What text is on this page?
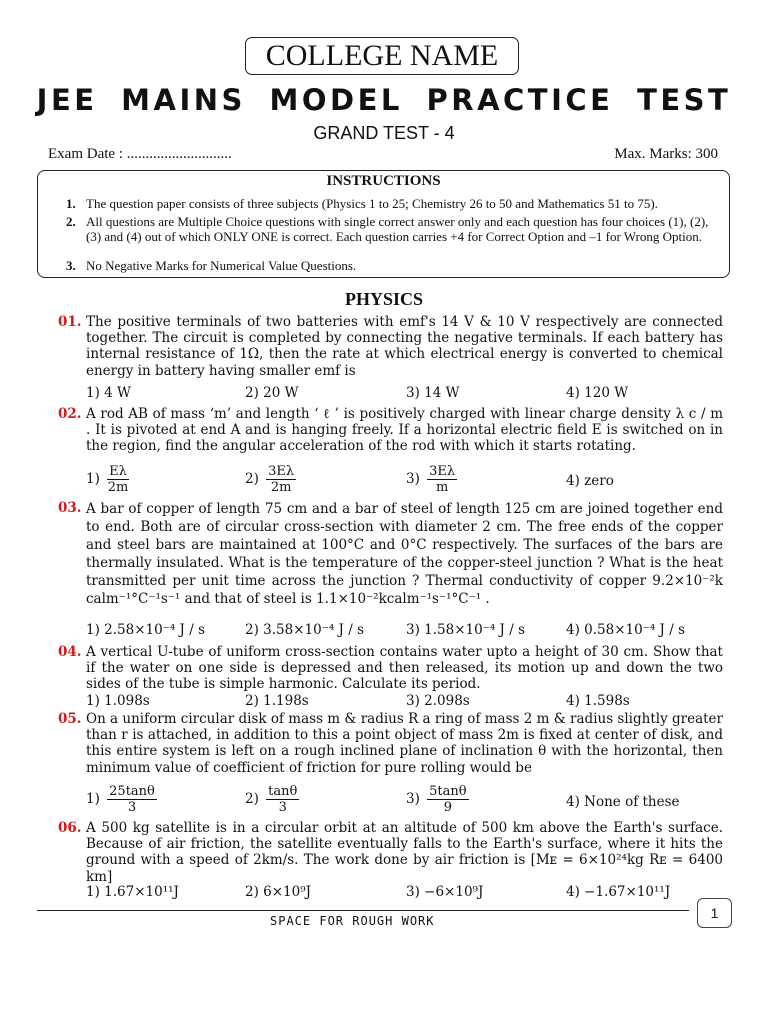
COLLEGE NAME
JEE MAINS MODEL PRACTICE TEST
GRAND TEST - 4
Exam Date : ............................	Max. Marks: 300
INSTRUCTIONS
1. The question paper consists of three subjects (Physics 1 to 25; Chemistry 26 to 50 and Mathematics 51 to 75).
2. All questions are Multiple Choice questions with single correct answer only and each question has four choices (1), (2), (3) and (4) out of which ONLY ONE is correct. Each question carries +4 for Correct Option and –1 for Wrong Option.
3. No Negative Marks for Numerical Value Questions.
PHYSICS
01. The positive terminals of two batteries with emf's 14 V & 10 V respectively are connected together. The circuit is completed by connecting the negative terminals. If each battery has internal resistance of 1Ω, then the rate at which electrical energy is converted to chemical energy in battery having smaller emf is
1) 4 W	2) 20 W	3) 14 W	4) 120 W
02. A rod AB of mass ‘m’ and length ‘ ℓ ’ is positively charged with linear charge density λ c / m . It is pivoted at end A and is hanging freely. If a horizontal electric field E is switched on in the region, find the angular acceleration of the rod with which it starts rotating.
$1) \frac{E\lambda}{2m}$	$2) \frac{3E\lambda}{2m}$	$3) \frac{3E\lambda}{m}$	4) zero
03. A bar of copper of length 75 cm and a bar of steel of length 125 cm are joined together end to end. Both are of circular cross-section with diameter 2 cm. The free ends of the copper and steel bars are maintained at 100°C and 0°C respectively. The surfaces of the bars are thermally insulated. What is the temperature of the copper-steel junction ? What is the heat transmitted per unit time across the junction ? Thermal conductivity of copper 9.2×10⁻²k calm⁻¹°C⁻¹s⁻¹ and that of steel is 1.1×10⁻²kcalm⁻¹s⁻¹°C⁻¹ .
1) 2.58×10⁻⁴ J / s	2) 3.58×10⁻⁴ J / s	3) 1.58×10⁻⁴ J / s	4) 0.58×10⁻⁴ J / s
04. A vertical U-tube of uniform cross-section contains water upto a height of 30 cm. Show that if the water on one side is depressed and then released, its motion up and down the two sides of the tube is simple harmonic. Calculate its period.
1) 1.098s	2) 1.198s	3) 2.098s	4) 1.598s
05. On a uniform circular disk of mass m & radius R a ring of mass 2 m & radius slightly greater than r is attached, in addition to this a point object of mass 2m is fixed at center of disk, and this entire system is left on a rough inclined plane of inclination θ with the horizontal, then minimum value of coefficient of friction for pure rolling would be
$1) \frac{25\tan\theta}{3}$	$2) \frac{\tan\theta}{3}$	$3) \frac{5\tan\theta}{9}$	4) None of these
06. A 500 kg satellite is in a circular orbit at an altitude of 500 km above the Earth's surface. Because of air friction, the satellite eventually falls to the Earth's surface, where it hits the ground with a speed of 2km/s. The work done by air friction is [Mᴇ = 6×10²⁴kg Rᴇ = 6400 km]
1) 1.67×10¹¹J	2) 6×10⁹J	3) −6×10⁹J	4) −1.67×10¹¹J
SPACE FOR ROUGH WORK	1
